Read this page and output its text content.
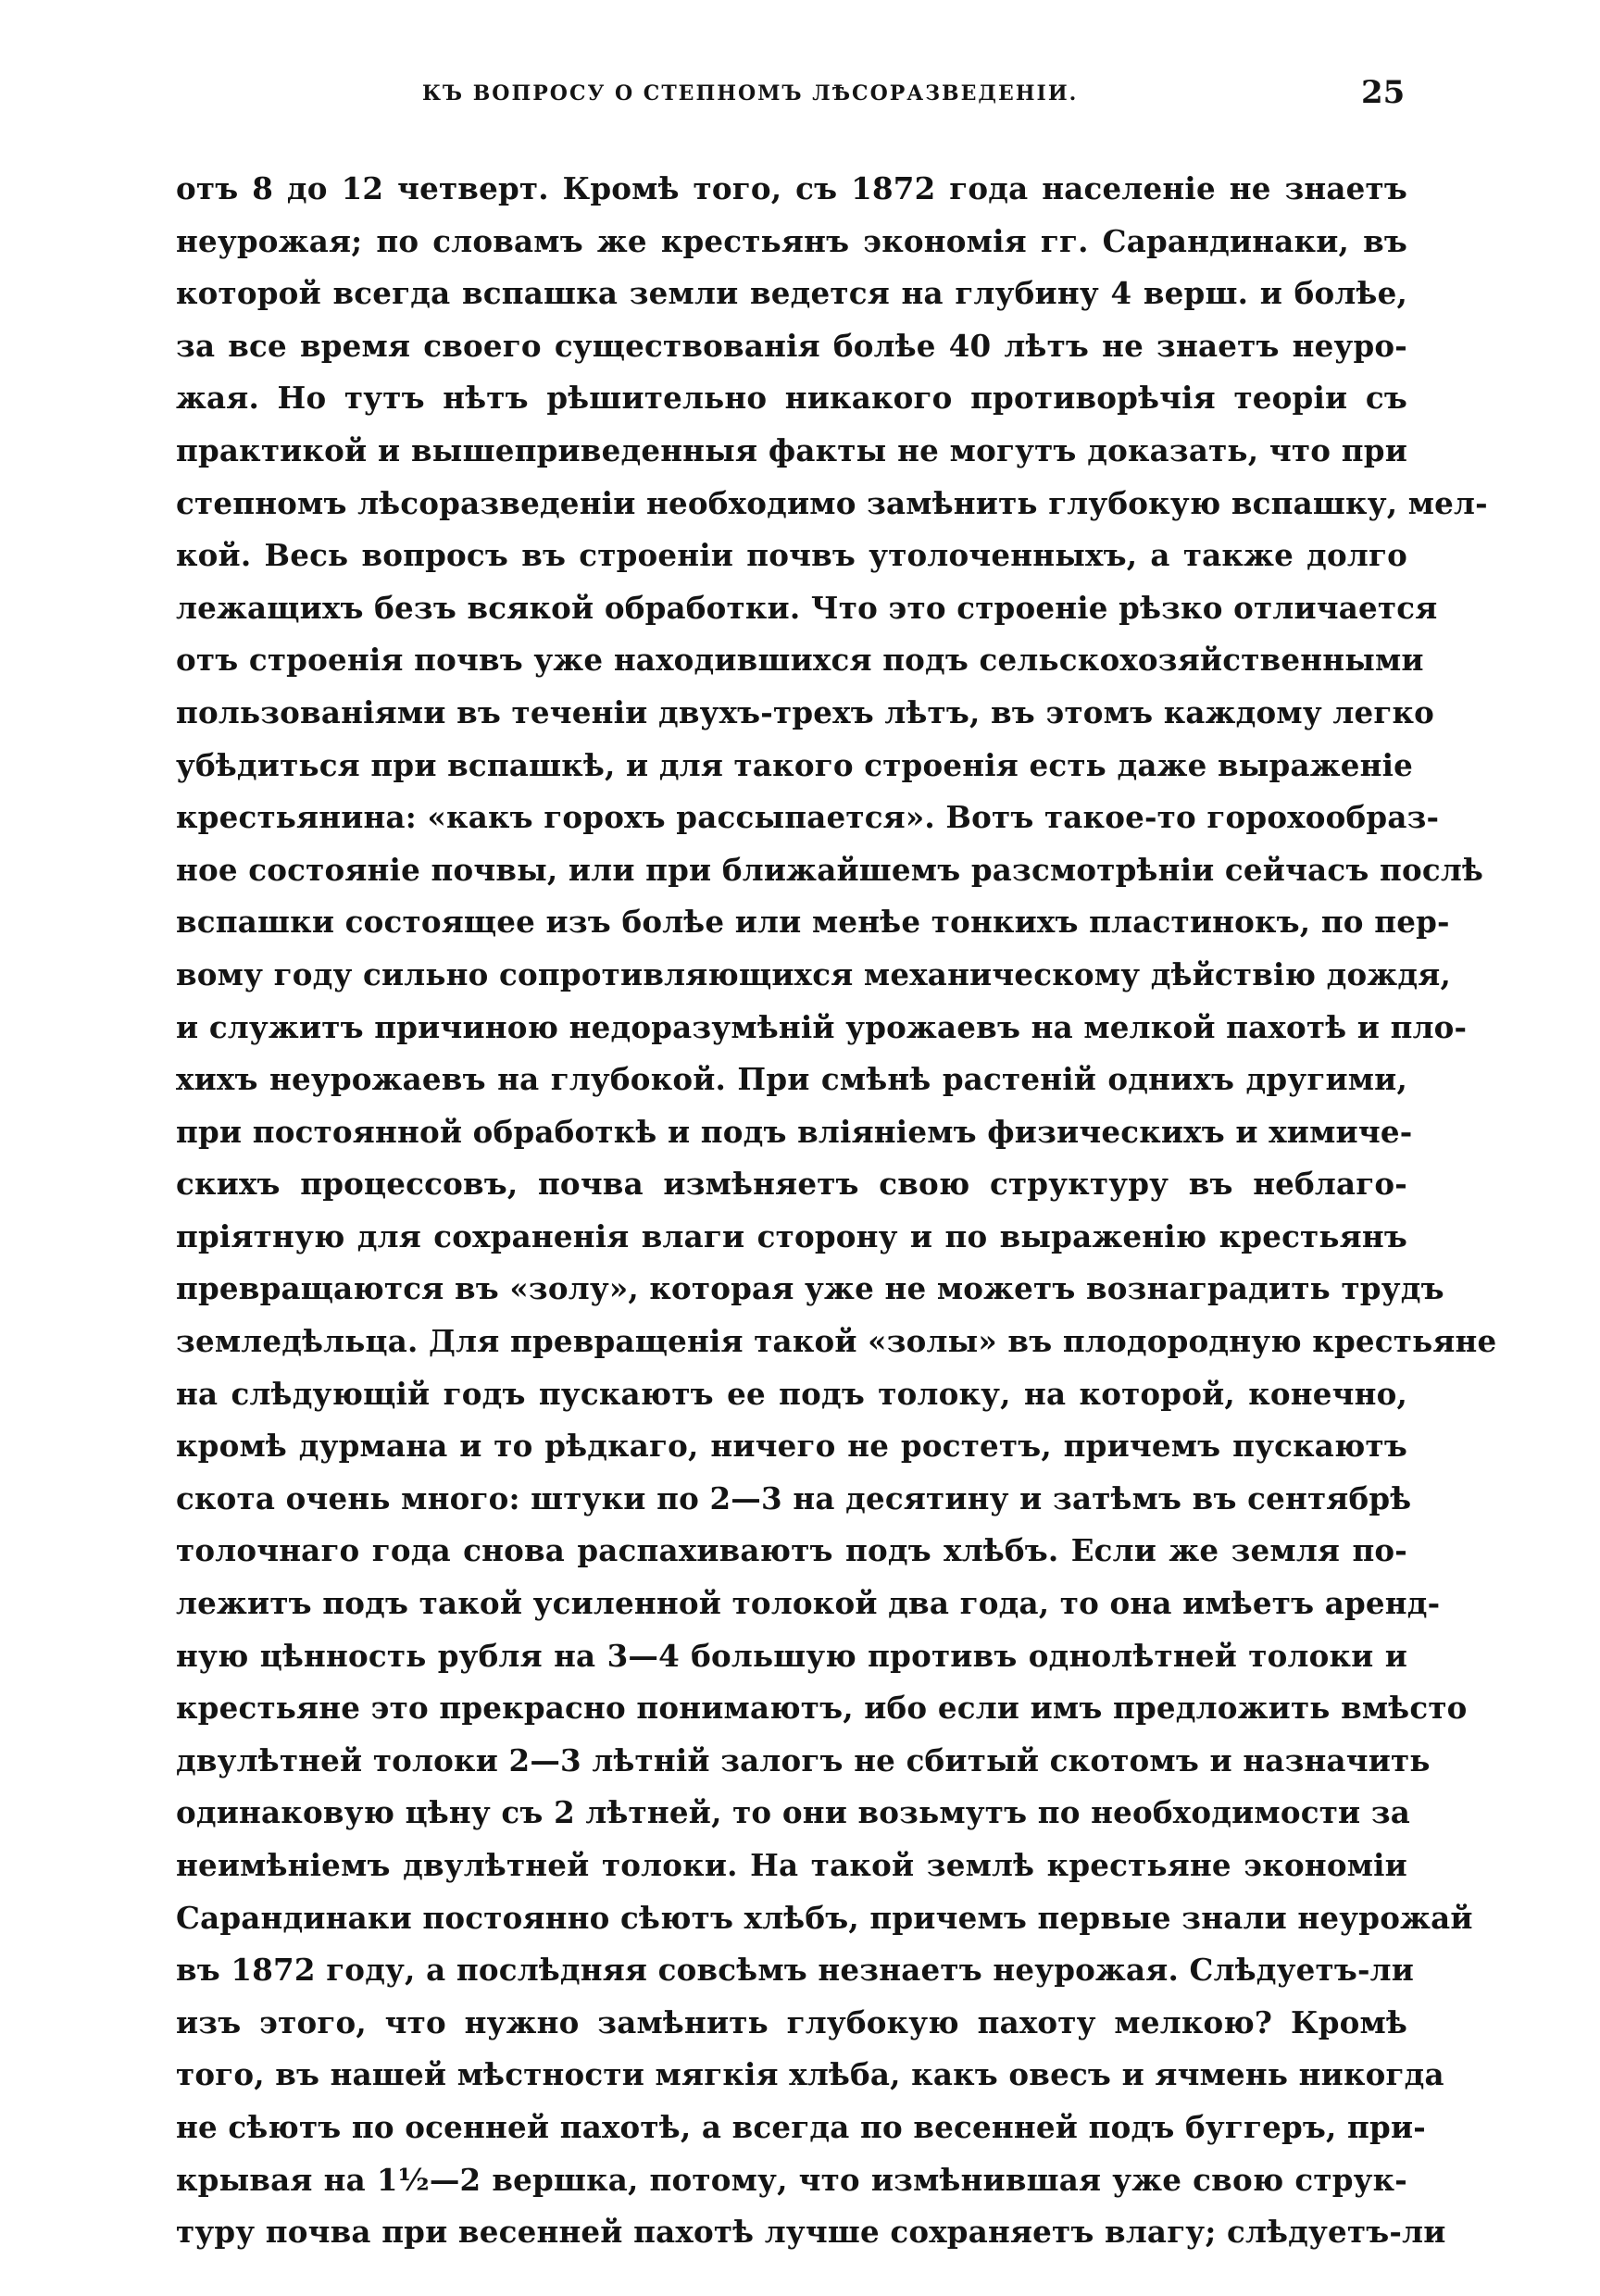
КЪ ВОПРОСУ О СТЕПНОМЪ ЛѢСОРАЗВЕДЕНІИ.	25
отъ 8 до 12 четверт. Кромѣ того, съ 1872 года населеніе не знаетъ
неурожая; по словамъ же крестьянъ экономія гг. Сарандинаки, въ
которой всегда вспашка земли ведется на глубину 4 верш. и болѣе,
за все время своего существованія болѣе 40 лѣтъ не знаетъ неуро-
жая. Но тутъ нѣтъ рѣшительно никакого противорѣчія теоріи съ
практикой и вышеприведенныя факты не могутъ доказать, что при
степномъ лѣсоразведеніи необходимо замѣнить глубокую вспашку, мел-
кой. Весь вопросъ въ строеніи почвъ утолоченныхъ, а также долго
лежащихъ безъ всякой обработки. Что это строеніе рѣзко отличается
отъ строенія почвъ уже находившихся подъ сельскохозяйственными
пользованіями въ теченіи двухъ-трехъ лѣтъ, въ этомъ каждому легко
убѣдиться при вспашкѣ, и для такого строенія есть даже выраженіе
крестьянина: «какъ горохъ рассыпается». Вотъ такое-то горохообраз-
ное состояніе почвы, или при ближайшемъ разсмотрѣніи сейчасъ послѣ
вспашки состоящее изъ болѣе или менѣе тонкихъ пластинокъ, по пер-
вому году сильно сопротивляющихся механическому дѣйствію дождя,
и служитъ причиною недоразумѣній урожаевъ на мелкой пахотѣ и пло-
хихъ неурожаевъ на глубокой. При смѣнѣ растеній однихъ другими,
при постоянной обработкѣ и подъ вліяніемъ физическихъ и химиче-
скихъ процессовъ, почва измѣняетъ свою структуру въ неблаго-
пріятную для сохраненія влаги сторону и по выраженію крестьянъ
превращаются въ «золу», которая уже не можетъ вознаградить трудъ
земледѣльца. Для превращенія такой «золы» въ плодородную крестьяне
на слѣдующій годъ пускаютъ ее подъ толоку, на которой, конечно,
кромѣ дурмана и то рѣдкаго, ничего не ростетъ, причемъ пускаютъ
скота очень много: штуки по 2—3 на десятину и затѣмъ въ сентябрѣ
толочнаго года снова распахиваютъ подъ хлѣбъ. Если же земля по-
лежитъ подъ такой усиленной толокой два года, то она имѣетъ аренд-
ную цѣнность рубля на 3—4 большую противъ однолѣтней толоки и
крестьяне это прекрасно понимаютъ, ибо если имъ предложить вмѣсто
двулѣтней толоки 2—3 лѣтній залогъ не сбитый скотомъ и назначить
одинаковую цѣну съ 2 лѣтней, то они возьмутъ по необходимости за
неимѣніемъ двулѣтней толоки. На такой землѣ крестьяне экономіи
Сарандинаки постоянно сѣютъ хлѣбъ, причемъ первые знали неурожай
въ 1872 году, а послѣдняя совсѣмъ незнаетъ неурожая. Слѣдуетъ-ли
изъ этого, что нужно замѣнить глубокую пахоту мелкою? Кромѣ
того, въ нашей мѣстности мягкія хлѣба, какъ овесъ и ячмень никогда
не сѣютъ по осенней пахотѣ, а всегда по весенней подъ буггеръ, при-
крывая на 1½—2 вершка, потому, что измѣнившая уже свою струк-
туру почва при весенней пахотѣ лучше сохраняетъ влагу; слѣдуетъ-ли
